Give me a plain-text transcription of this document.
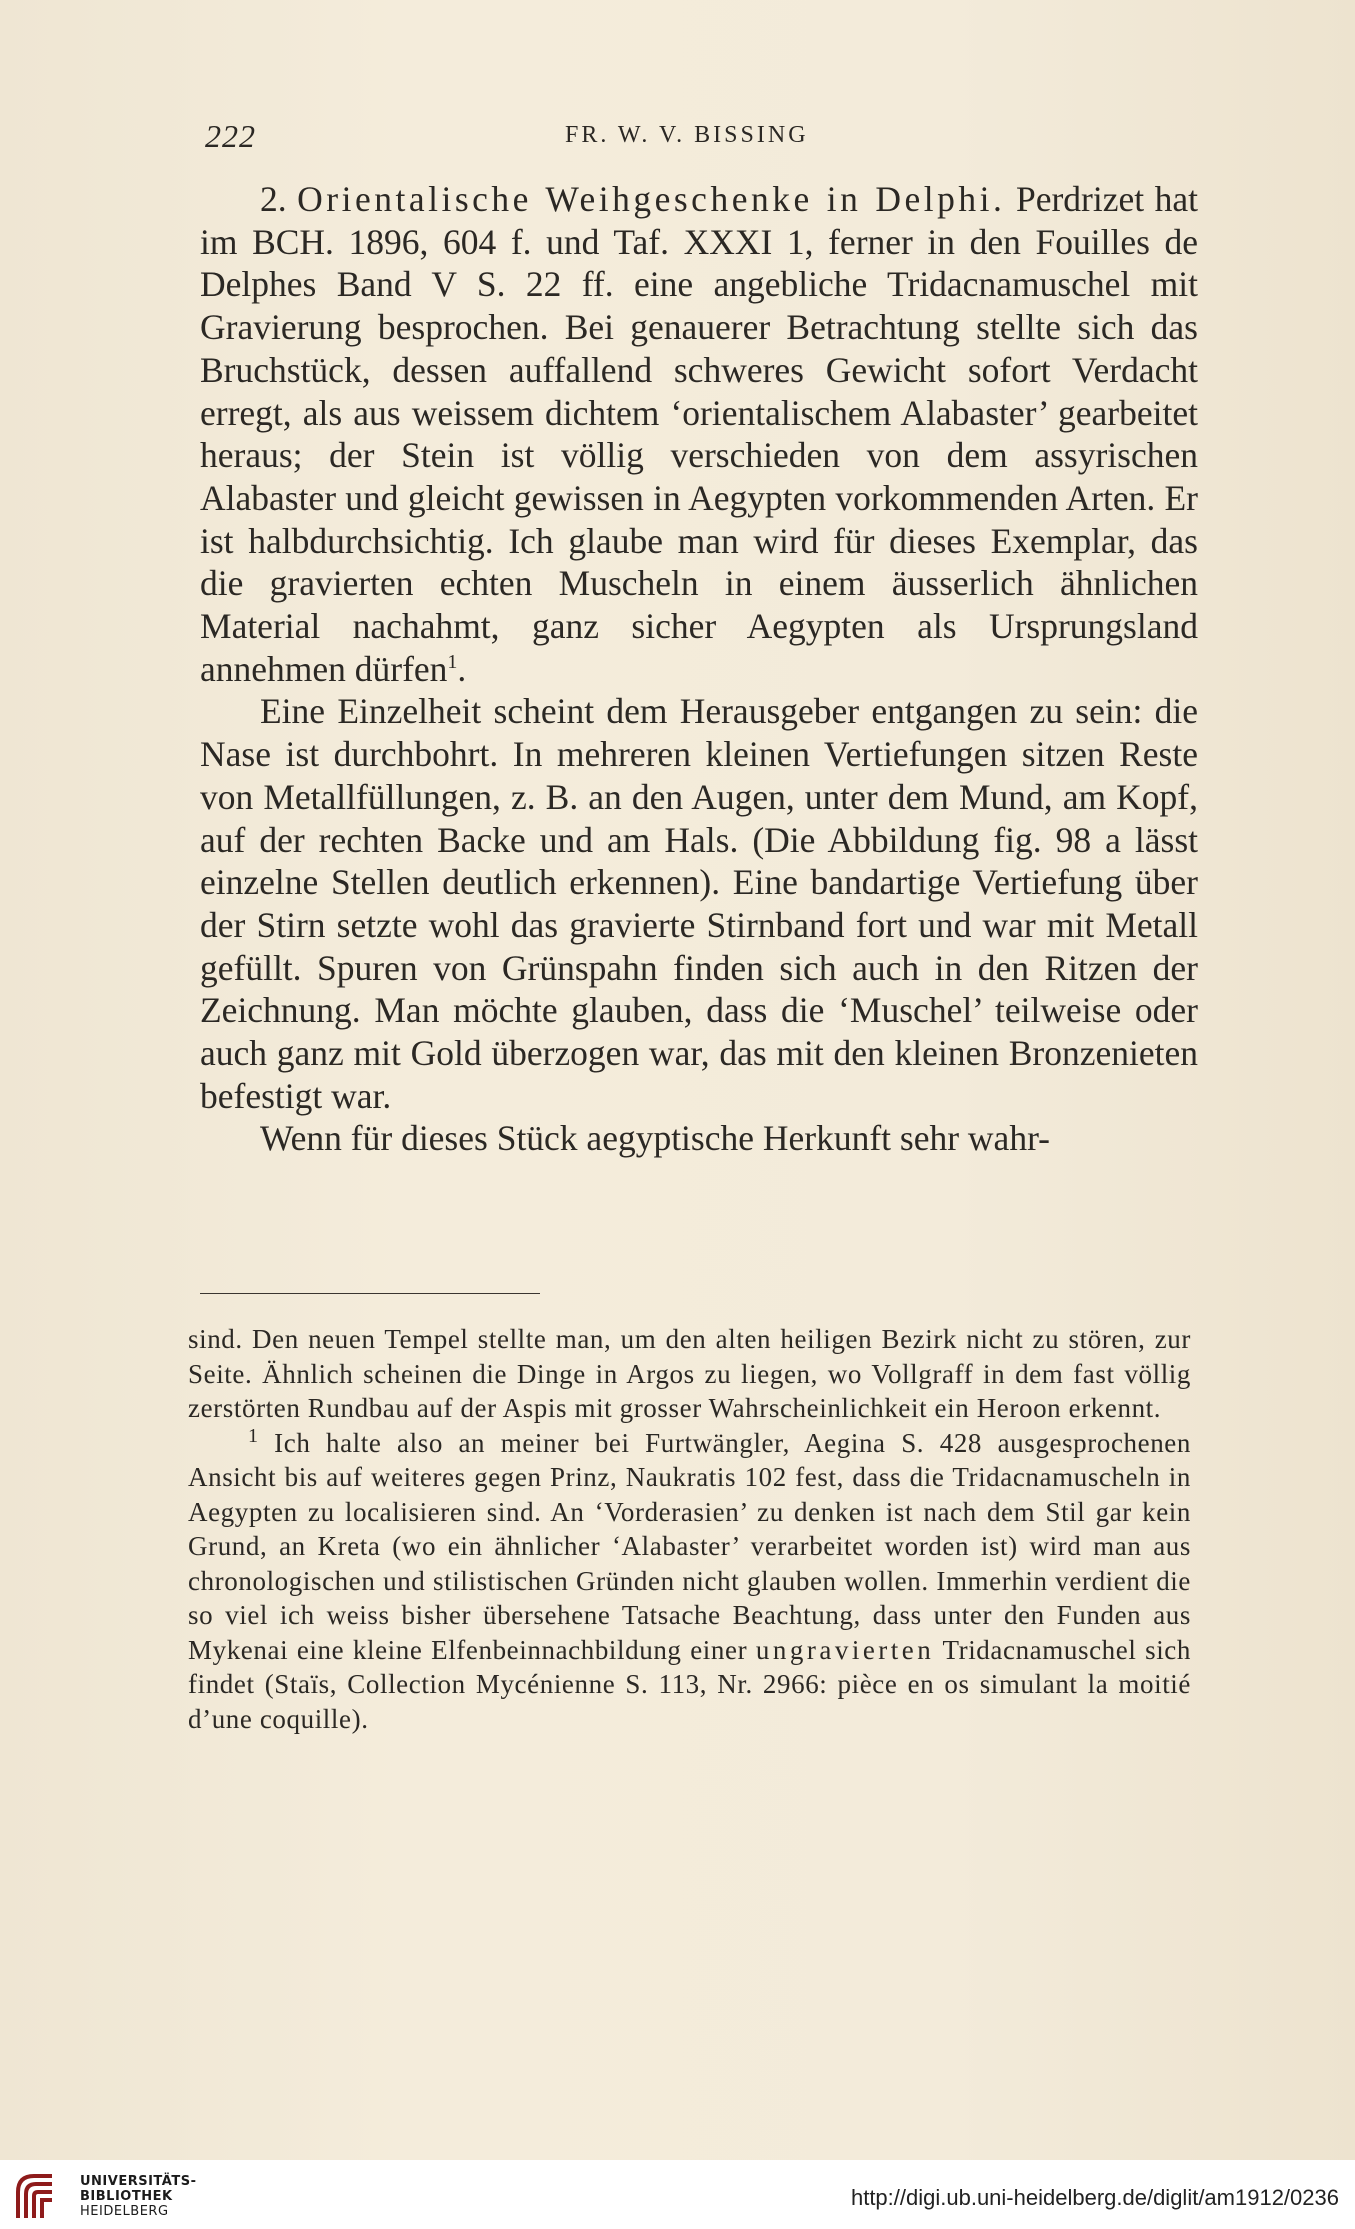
222	FR. W. V. BISSING

2. Orientalische Weihgeschenke in Delphi. Perdrizet hat im BCH. 1896, 604 f. und Taf. XXXI 1, ferner in den Fouilles de Delphes Band V S. 22 ff. eine angebliche Tridacnamuschel mit Gravierung besprochen. Bei genauerer Betrachtung stellte sich das Bruchstück, dessen auffallend schweres Gewicht sofort Verdacht erregt, als aus weissem dichtem ‘orientalischem Alabaster’ gearbeitet heraus; der Stein ist völlig verschieden von dem assyrischen Alabaster und gleicht gewissen in Aegypten vorkommenden Arten. Er ist halbdurchsichtig. Ich glaube man wird für dieses Exemplar, das die gravierten echten Muscheln in einem äusserlich ähnlichen Material nachahmt, ganz sicher Aegypten als Ursprungsland annehmen dürfen$^1$.

Eine Einzelheit scheint dem Herausgeber entgangen zu sein: die Nase ist durchbohrt. In mehreren kleinen Vertiefungen sitzen Reste von Metallfüllungen, z. B. an den Augen, unter dem Mund, am Kopf, auf der rechten Backe und am Hals. (Die Abbildung fig. 98 a lässt einzelne Stellen deutlich erkennen). Eine bandartige Vertiefung über der Stirn setzte wohl das gravierte Stirnband fort und war mit Metall gefüllt. Spuren von Grünspahn finden sich auch in den Ritzen der Zeichnung. Man möchte glauben, dass die ‘Muschel’ teilweise oder auch ganz mit Gold überzogen war, das mit den kleinen Bronzenieten befestigt war.

Wenn für dieses Stück aegyptische Herkunft sehr wahr-

sind. Den neuen Tempel stellte man, um den alten heiligen Bezirk nicht zu stören, zur Seite. Ähnlich scheinen die Dinge in Argos zu liegen, wo Vollgraff in dem fast völlig zerstörten Rundbau auf der Aspis mit grosser Wahrscheinlichkeit ein Heroon erkennt.

$^1$ Ich halte also an meiner bei Furtwängler, Aegina S. 428 ausgesprochenen Ansicht bis auf weiteres gegen Prinz, Naukratis 102 fest, dass die Tridacnamuscheln in Aegypten zu localisieren sind. An ‘Vorderasien’ zu denken ist nach dem Stil gar kein Grund, an Kreta (wo ein ähnlicher ‘Alabaster’ verarbeitet worden ist) wird man aus chronologischen und stilistischen Gründen nicht glauben wollen. Immerhin verdient die so viel ich weiss bisher übersehene Tatsache Beachtung, dass unter den Funden aus Mykenai eine kleine Elfenbeinnachbildung einer ungravierten Tridacnamuschel sich findet (Staïs, Collection Mycénienne S. 113, Nr. 2966: pièce en os simulant la moitié d’une coquille).

UNIVERSITÄTS-
BIBLIOTHEK
HEIDELBERG
http://digi.ub.uni-heidelberg.de/diglit/am1912/0236
